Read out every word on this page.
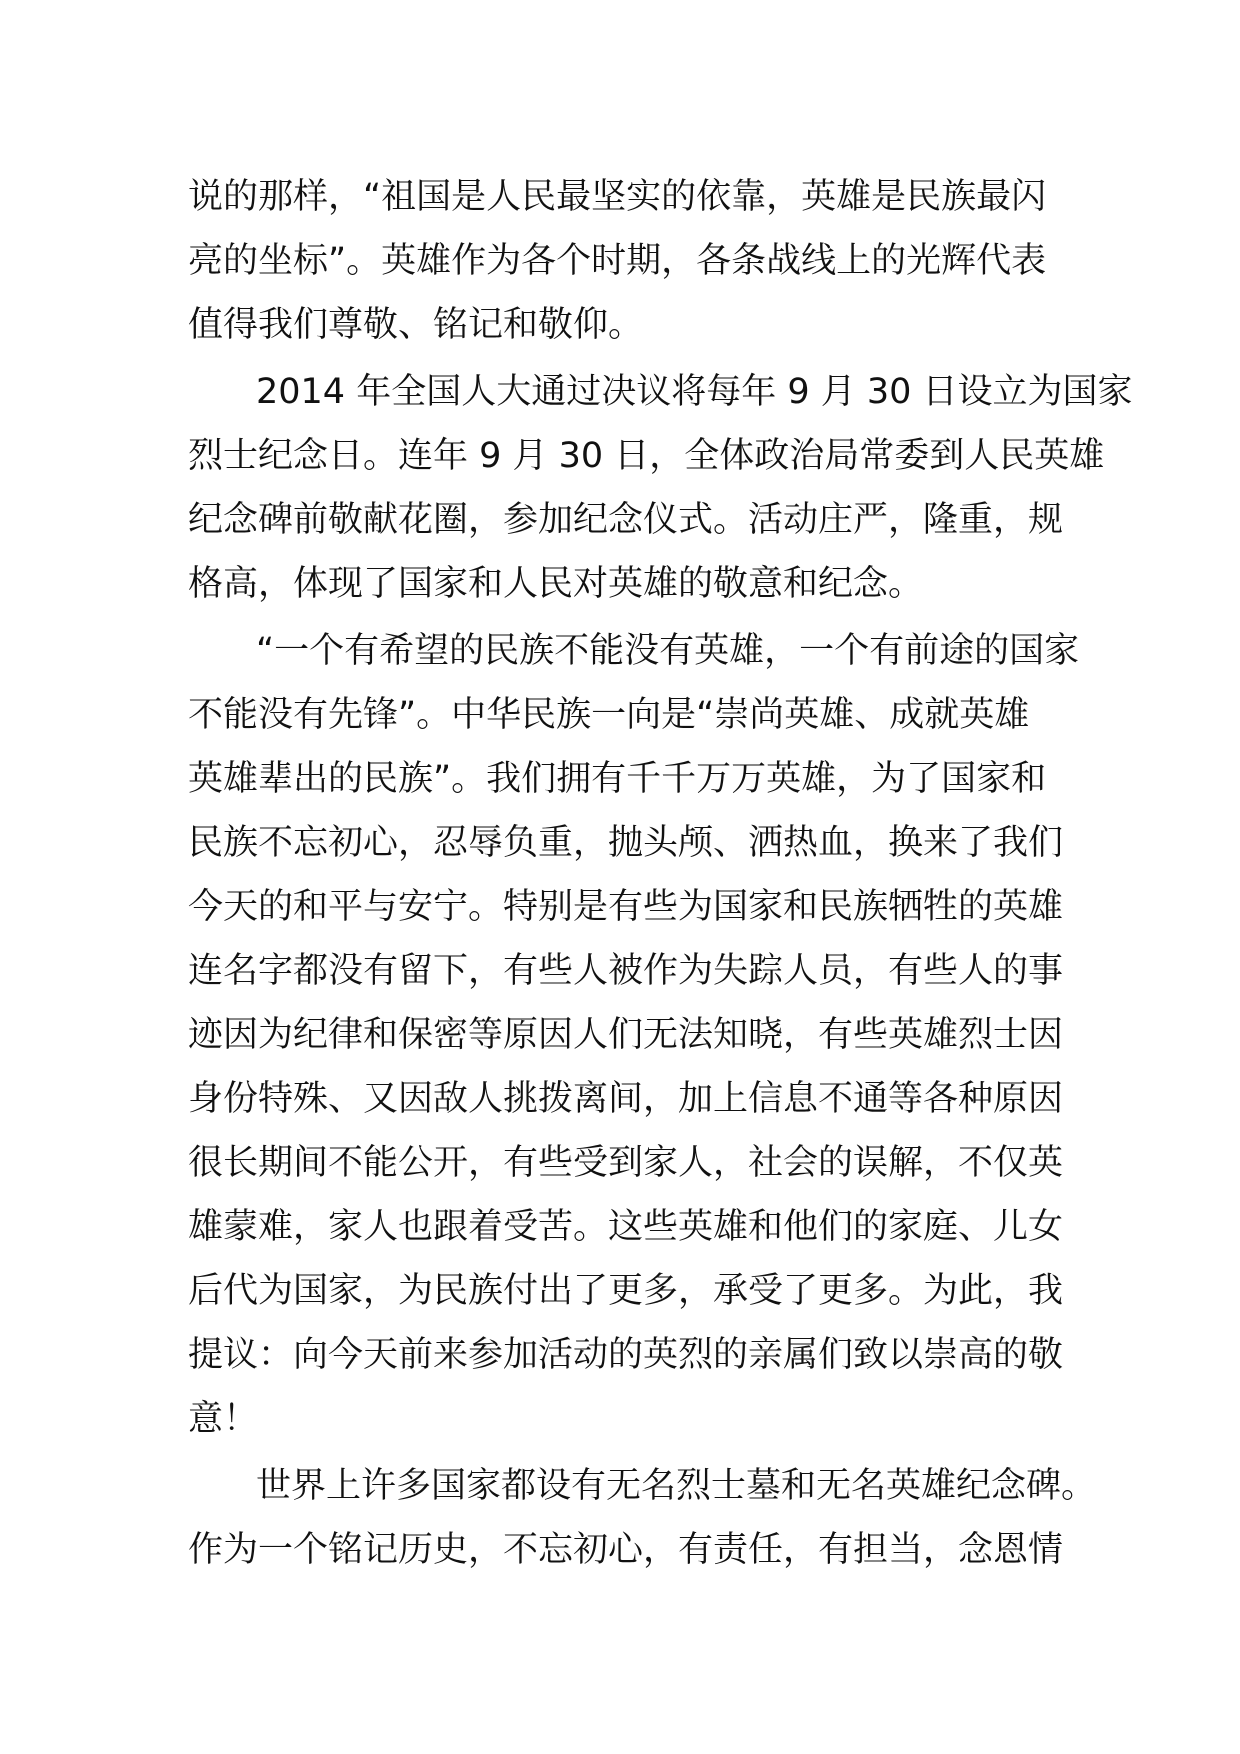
说的那样，“祖国是人民最坚实的依靠，英雄是民族最闪
亮的坐标”。英雄作为各个时期，各条战线上的光辉代表
值得我们尊敬、铭记和敬仰。
2014 年全国人大通过决议将每年 9 月 30 日设立为国家
烈士纪念日。连年 9 月 30 日，全体政治局常委到人民英雄
纪念碑前敬献花圈，参加纪念仪式。活动庄严，隆重，规
格高，体现了国家和人民对英雄的敬意和纪念。
“一个有希望的民族不能没有英雄，一个有前途的国家
不能没有先锋”。中华民族一向是“崇尚英雄、成就英雄
英雄辈出的民族”。我们拥有千千万万英雄，为了国家和
民族不忘初心，忍辱负重，抛头颅、洒热血，换来了我们
今天的和平与安宁。特别是有些为国家和民族牺牲的英雄
连名字都没有留下，有些人被作为失踪人员，有些人的事
迹因为纪律和保密等原因人们无法知晓，有些英雄烈士因
身份特殊、又因敌人挑拨离间，加上信息不通等各种原因
很长期间不能公开，有些受到家人，社会的误解，不仅英
雄蒙难，家人也跟着受苦。这些英雄和他们的家庭、儿女
后代为国家，为民族付出了更多，承受了更多。为此，我
提议：向今天前来参加活动的英烈的亲属们致以崇高的敬
意！
世界上许多国家都设有无名烈士墓和无名英雄纪念碑。
作为一个铭记历史，不忘初心，有责任，有担当，念恩情
